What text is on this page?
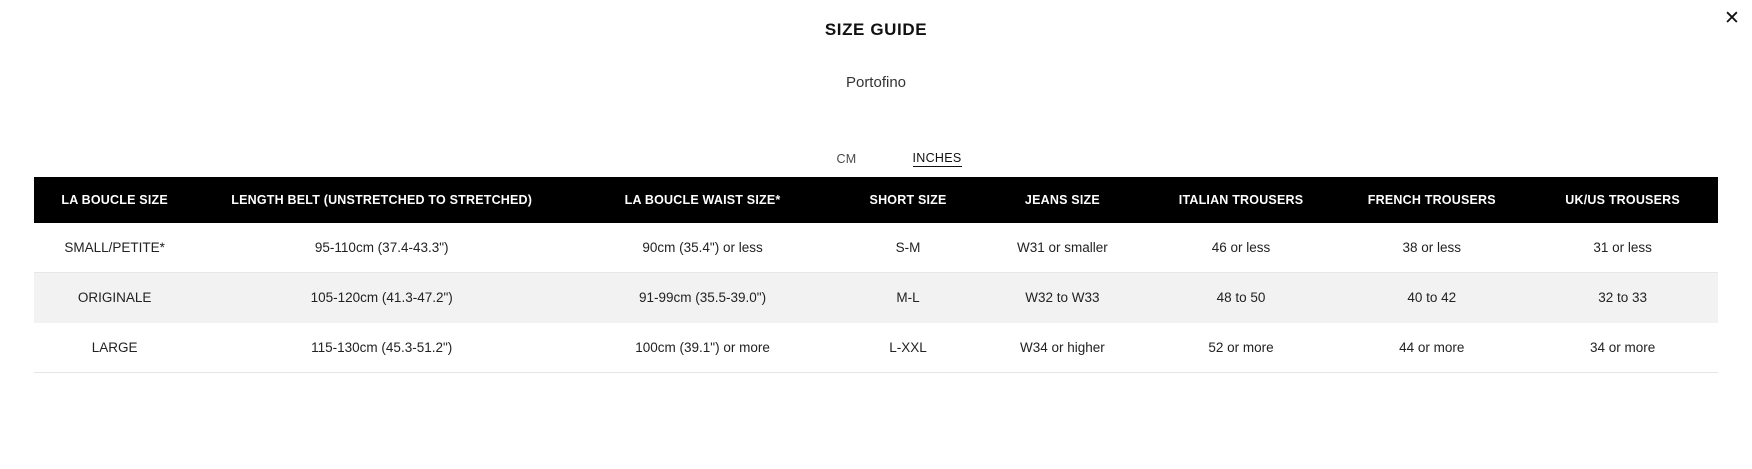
✕
SIZE GUIDE
Portofino
CM	INCHES
LA BOUCLE SIZE	LENGTH BELT (UNSTRETCHED TO STRETCHED)	LA BOUCLE WAIST SIZE*	SHORT SIZE	JEANS SIZE	ITALIAN TROUSERS	FRENCH TROUSERS	UK/US TROUSERS
SMALL/PETITE*	95-110cm (37.4-43.3")	90cm (35.4") or less	S-M	W31 or smaller	46 or less	38 or less	31 or less
ORIGINALE	105-120cm (41.3-47.2")	91-99cm (35.5-39.0")	M-L	W32 to W33	48 to 50	40 to 42	32 to 33
LARGE	115-130cm (45.3-51.2")	100cm (39.1") or more	L-XXL	W34 or higher	52 or more	44 or more	34 or more
